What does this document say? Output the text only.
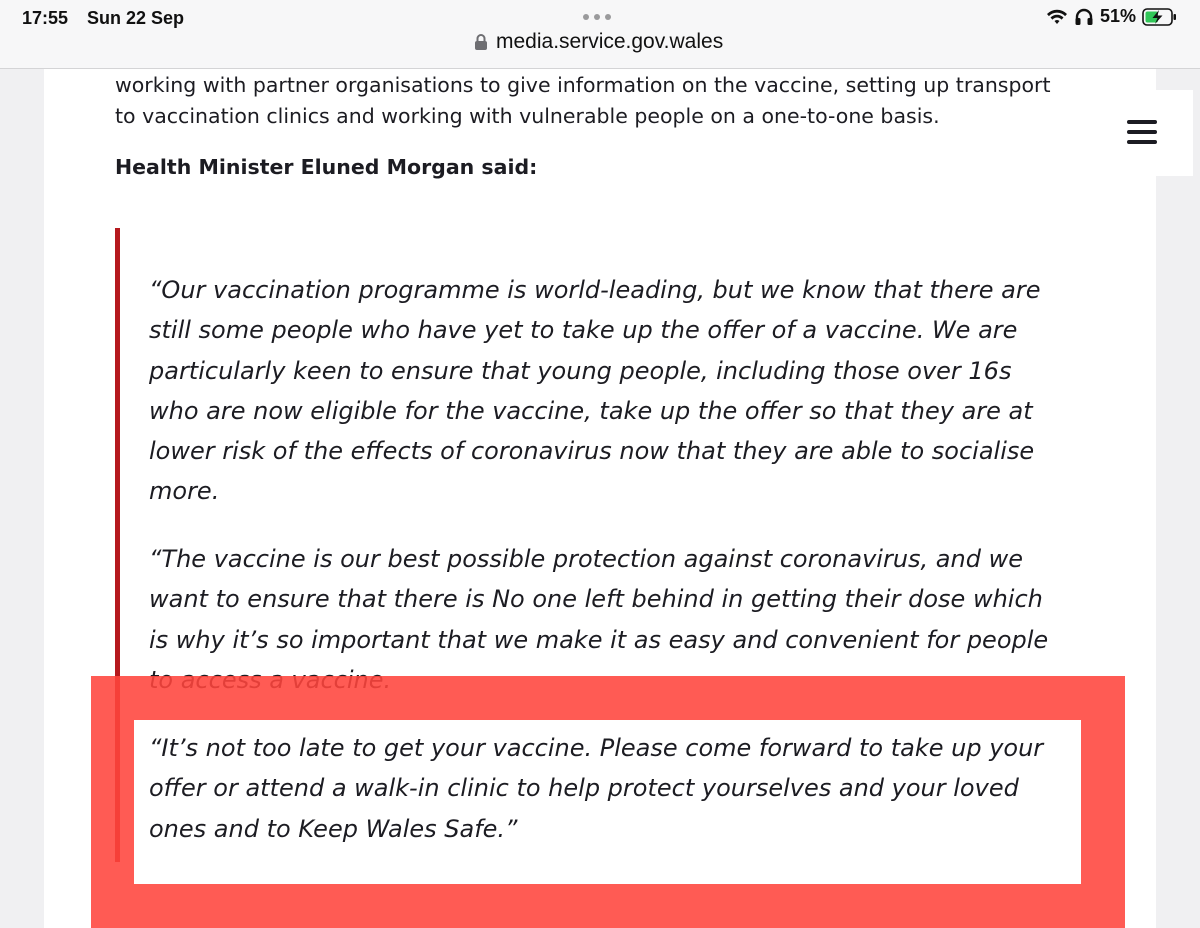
17:55 Sun 22 Sep	51%
media.service.gov.wales
working with partner organisations to give information on the vaccine, setting up transport to vaccination clinics and working with vulnerable people on a one-to-one basis.
Health Minister Eluned Morgan said:
“Our vaccination programme is world-leading, but we know that there are still some people who have yet to take up the offer of a vaccine. We are particularly keen to ensure that young people, including those over 16s who are now eligible for the vaccine, take up the offer so that they are at lower risk of the effects of coronavirus now that they are able to socialise more.
“The vaccine is our best possible protection against coronavirus, and we want to ensure that there is No one left behind in getting their dose which is why it’s so important that we make it as easy and convenient for people
“It’s not too late to get your vaccine. Please come forward to take up your offer or attend a walk-in clinic to help protect yourselves and your loved ones and to Keep Wales Safe.”
